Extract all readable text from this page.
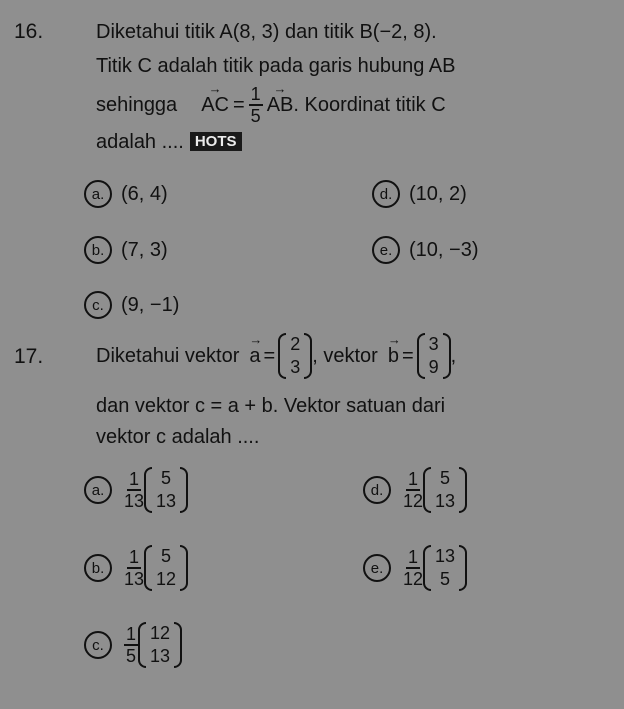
16.	Diketahui titik A(8, 3) dan titik B(−2, 8).
Titik C adalah titik pada garis hubung AB
sehingga → AC = $\frac{1}{5}$ → AB . Koordinat titik C
adalah .... HOTS
a. (6, 4)
b. (7, 3)
c. (9, −1)
d. (10, 2)
e. (10, −3)
17.	Diketahui vektor → a =
2
3
, vektor → b =
3
9
,
dan vektor c = a + b. Vektor satuan dari
vektor c adalah ....
a.	$\frac{1}{13} 5$
13
b.	$\frac{1}{13} 5$
12
c.	$\frac{1}{5} 12$
13
d.	$\frac{1}{12} 5$
13
e.	$\frac{1}{12} 13$
5
